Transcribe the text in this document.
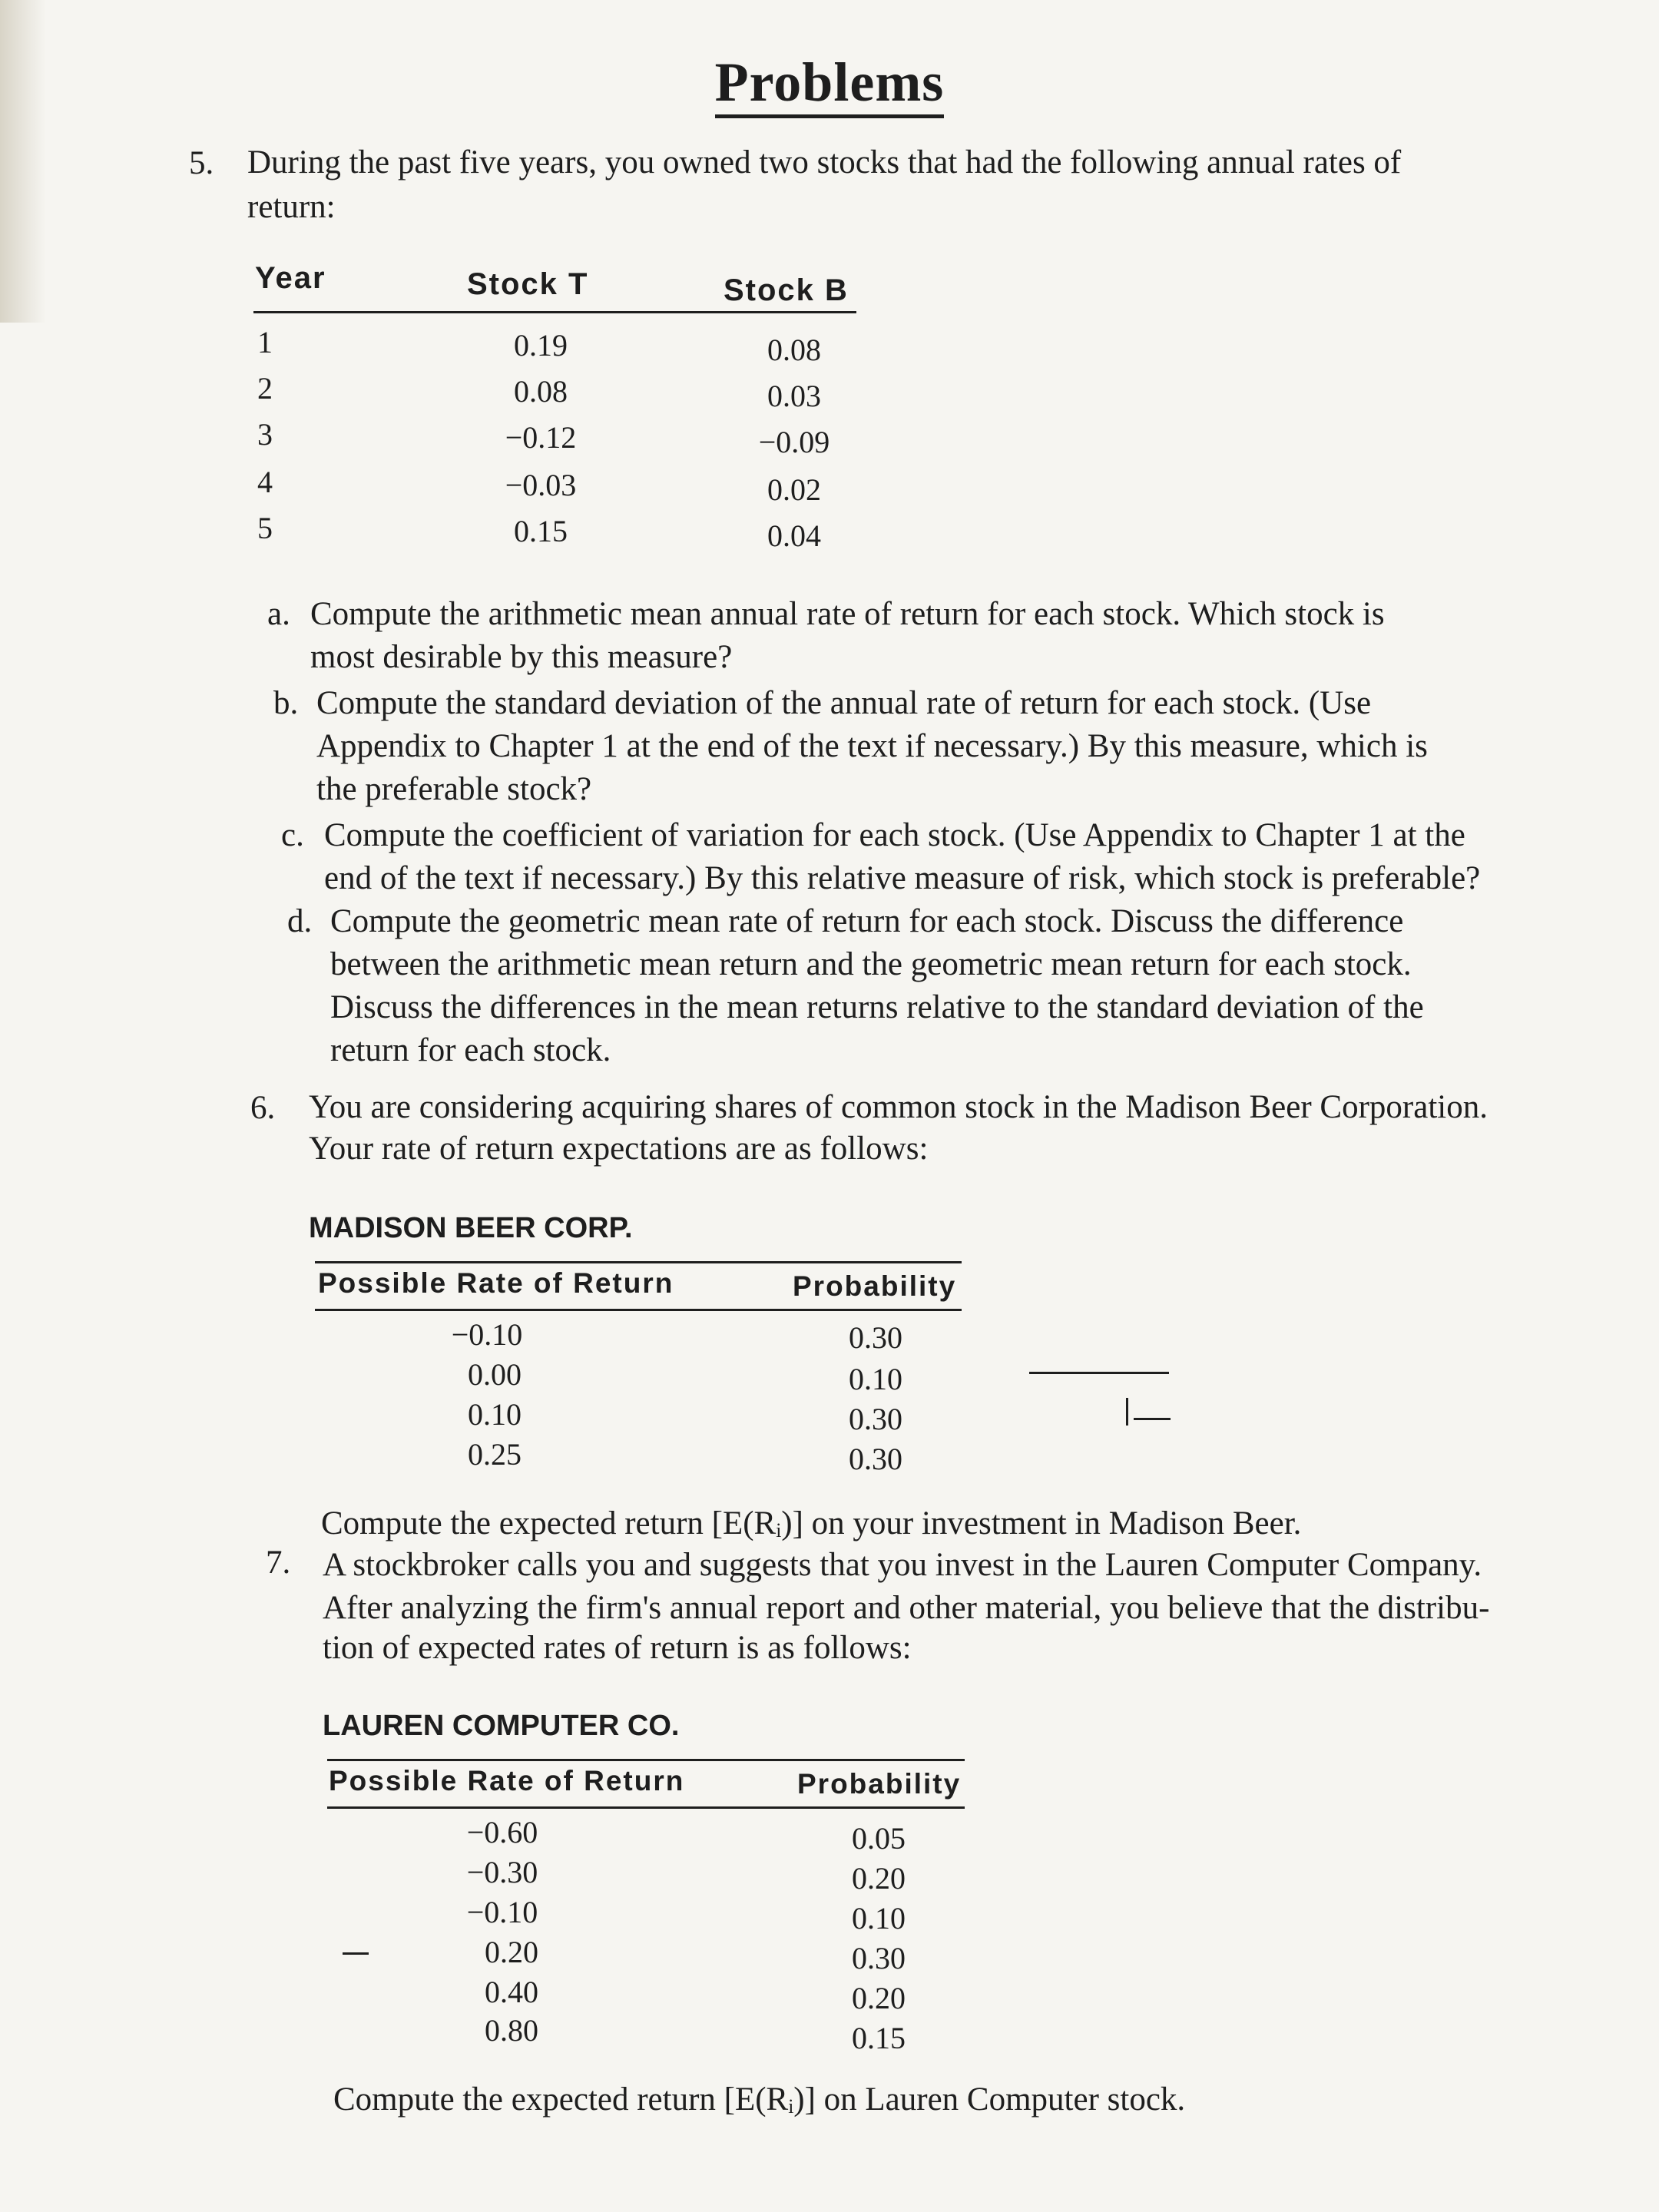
Problems
5. During the past five years, you owned two stocks that had the following annual rates of
return:
Year	Stock T	Stock B
1	0.19	0.08
2	0.08	0.03
3	−0.12	−0.09
4	−0.03	0.02
5	0.15	0.04
a. Compute the arithmetic mean annual rate of return for each stock. Which stock is
most desirable by this measure?
b. Compute the standard deviation of the annual rate of return for each stock. (Use
Appendix to Chapter 1 at the end of the text if necessary.) By this measure, which is
the preferable stock?
c. Compute the coefficient of variation for each stock. (Use Appendix to Chapter 1 at the
end of the text if necessary.) By this relative measure of risk, which stock is preferable?
d. Compute the geometric mean rate of return for each stock. Discuss the difference
between the arithmetic mean return and the geometric mean return for each stock.
Discuss the differences in the mean returns relative to the standard deviation of the
return for each stock.
6. You are considering acquiring shares of common stock in the Madison Beer Corporation.
Your rate of return expectations are as follows:
MADISON BEER CORP.
Possible Rate of Return	Probability
−0.10	0.30
0.00	0.10
0.10	0.30
0.25	0.30
Compute the expected return [E(Rᵢ)] on your investment in Madison Beer.
7. A stockbroker calls you and suggests that you invest in the Lauren Computer Company.
After analyzing the firm's annual report and other material, you believe that the distribu-
tion of expected rates of return is as follows:
LAUREN COMPUTER CO.
Possible Rate of Return	Probability
−0.60	0.05
−0.30	0.20
−0.10	0.10
0.20	0.30
0.40	0.20
0.80	0.15
Compute the expected return [E(Rᵢ)] on Lauren Computer stock.
